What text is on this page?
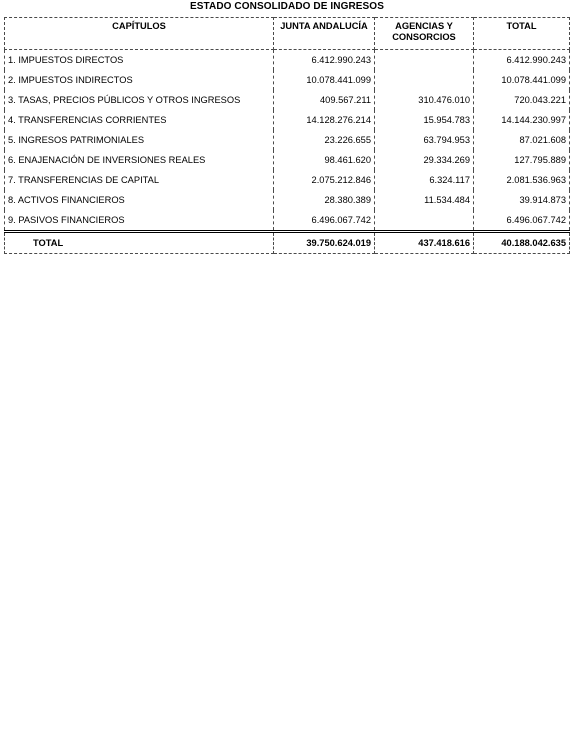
ESTADO CONSOLIDADO DE INGRESOS
CAPÍTULOS	JUNTA ANDALUCÍA	AGENCIAS Y CONSORCIOS	TOTAL
1. IMPUESTOS DIRECTOS	6.412.990.243		6.412.990.243
2. IMPUESTOS INDIRECTOS	10.078.441.099		10.078.441.099
3. TASAS, PRECIOS PÚBLICOS Y OTROS INGRESOS	409.567.211	310.476.010	720.043.221
4. TRANSFERENCIAS CORRIENTES	14.128.276.214	15.954.783	14.144.230.997
5. INGRESOS PATRIMONIALES	23.226.655	63.794.953	87.021.608
6. ENAJENACIÓN DE INVERSIONES REALES	98.461.620	29.334.269	127.795.889
7. TRANSFERENCIAS DE CAPITAL	2.075.212.846	6.324.117	2.081.536.963
8. ACTIVOS FINANCIEROS	28.380.389	11.534.484	39.914.873
9. PASIVOS FINANCIEROS	6.496.067.742		6.496.067.742
TOTAL	39.750.624.019	437.418.616	40.188.042.635
